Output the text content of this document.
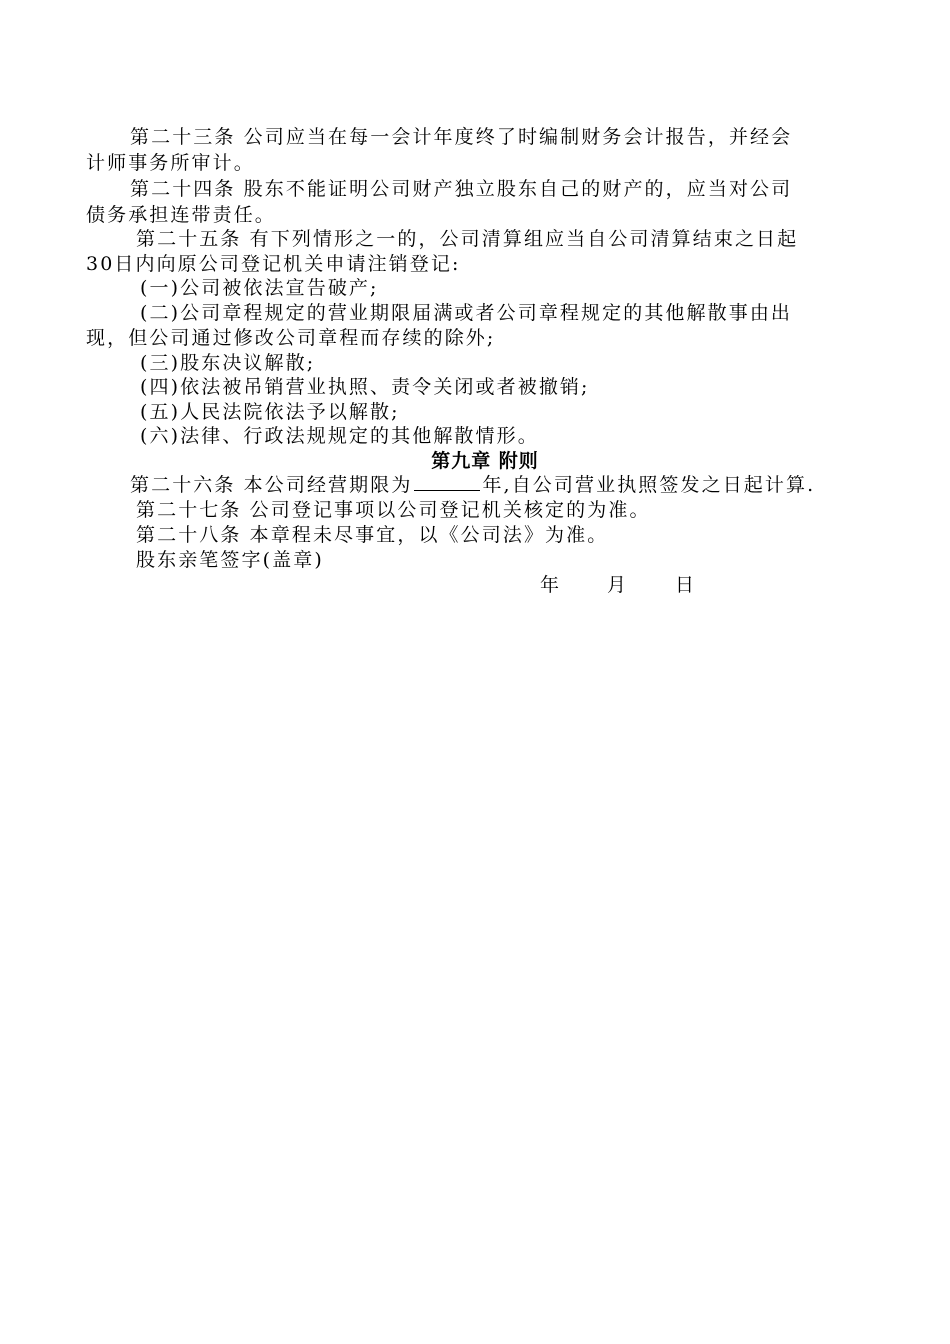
第二十三条 公司应当在每一会计年度终了时编制财务会计报告，并经会
计师事务所审计。
第二十四条 股东不能证明公司财产独立股东自己的财产的，应当对公司
债务承担连带责任。
第二十五条 有下列情形之一的，公司清算组应当自公司清算结束之日起
30日内向原公司登记机关申请注销登记:
(一)公司被依法宣告破产;
(二)公司章程规定的营业期限届满或者公司章程规定的其他解散事由出
现，但公司通过修改公司章程而存续的除外;
(三)股东决议解散;
(四)依法被吊销营业执照、责令关闭或者被撤销;
(五)人民法院依法予以解散;
(六)法律、行政法规规定的其他解散情形。
第九章 附则
第二十六条 本公司经营期限为	年,自公司营业执照签发之日起计算.
第二十七条 公司登记事项以公司登记机关核定的为准。
第二十八条 本章程未尽事宜，以《公司法》为准。
股东亲笔签字(盖章)
年	月	日
